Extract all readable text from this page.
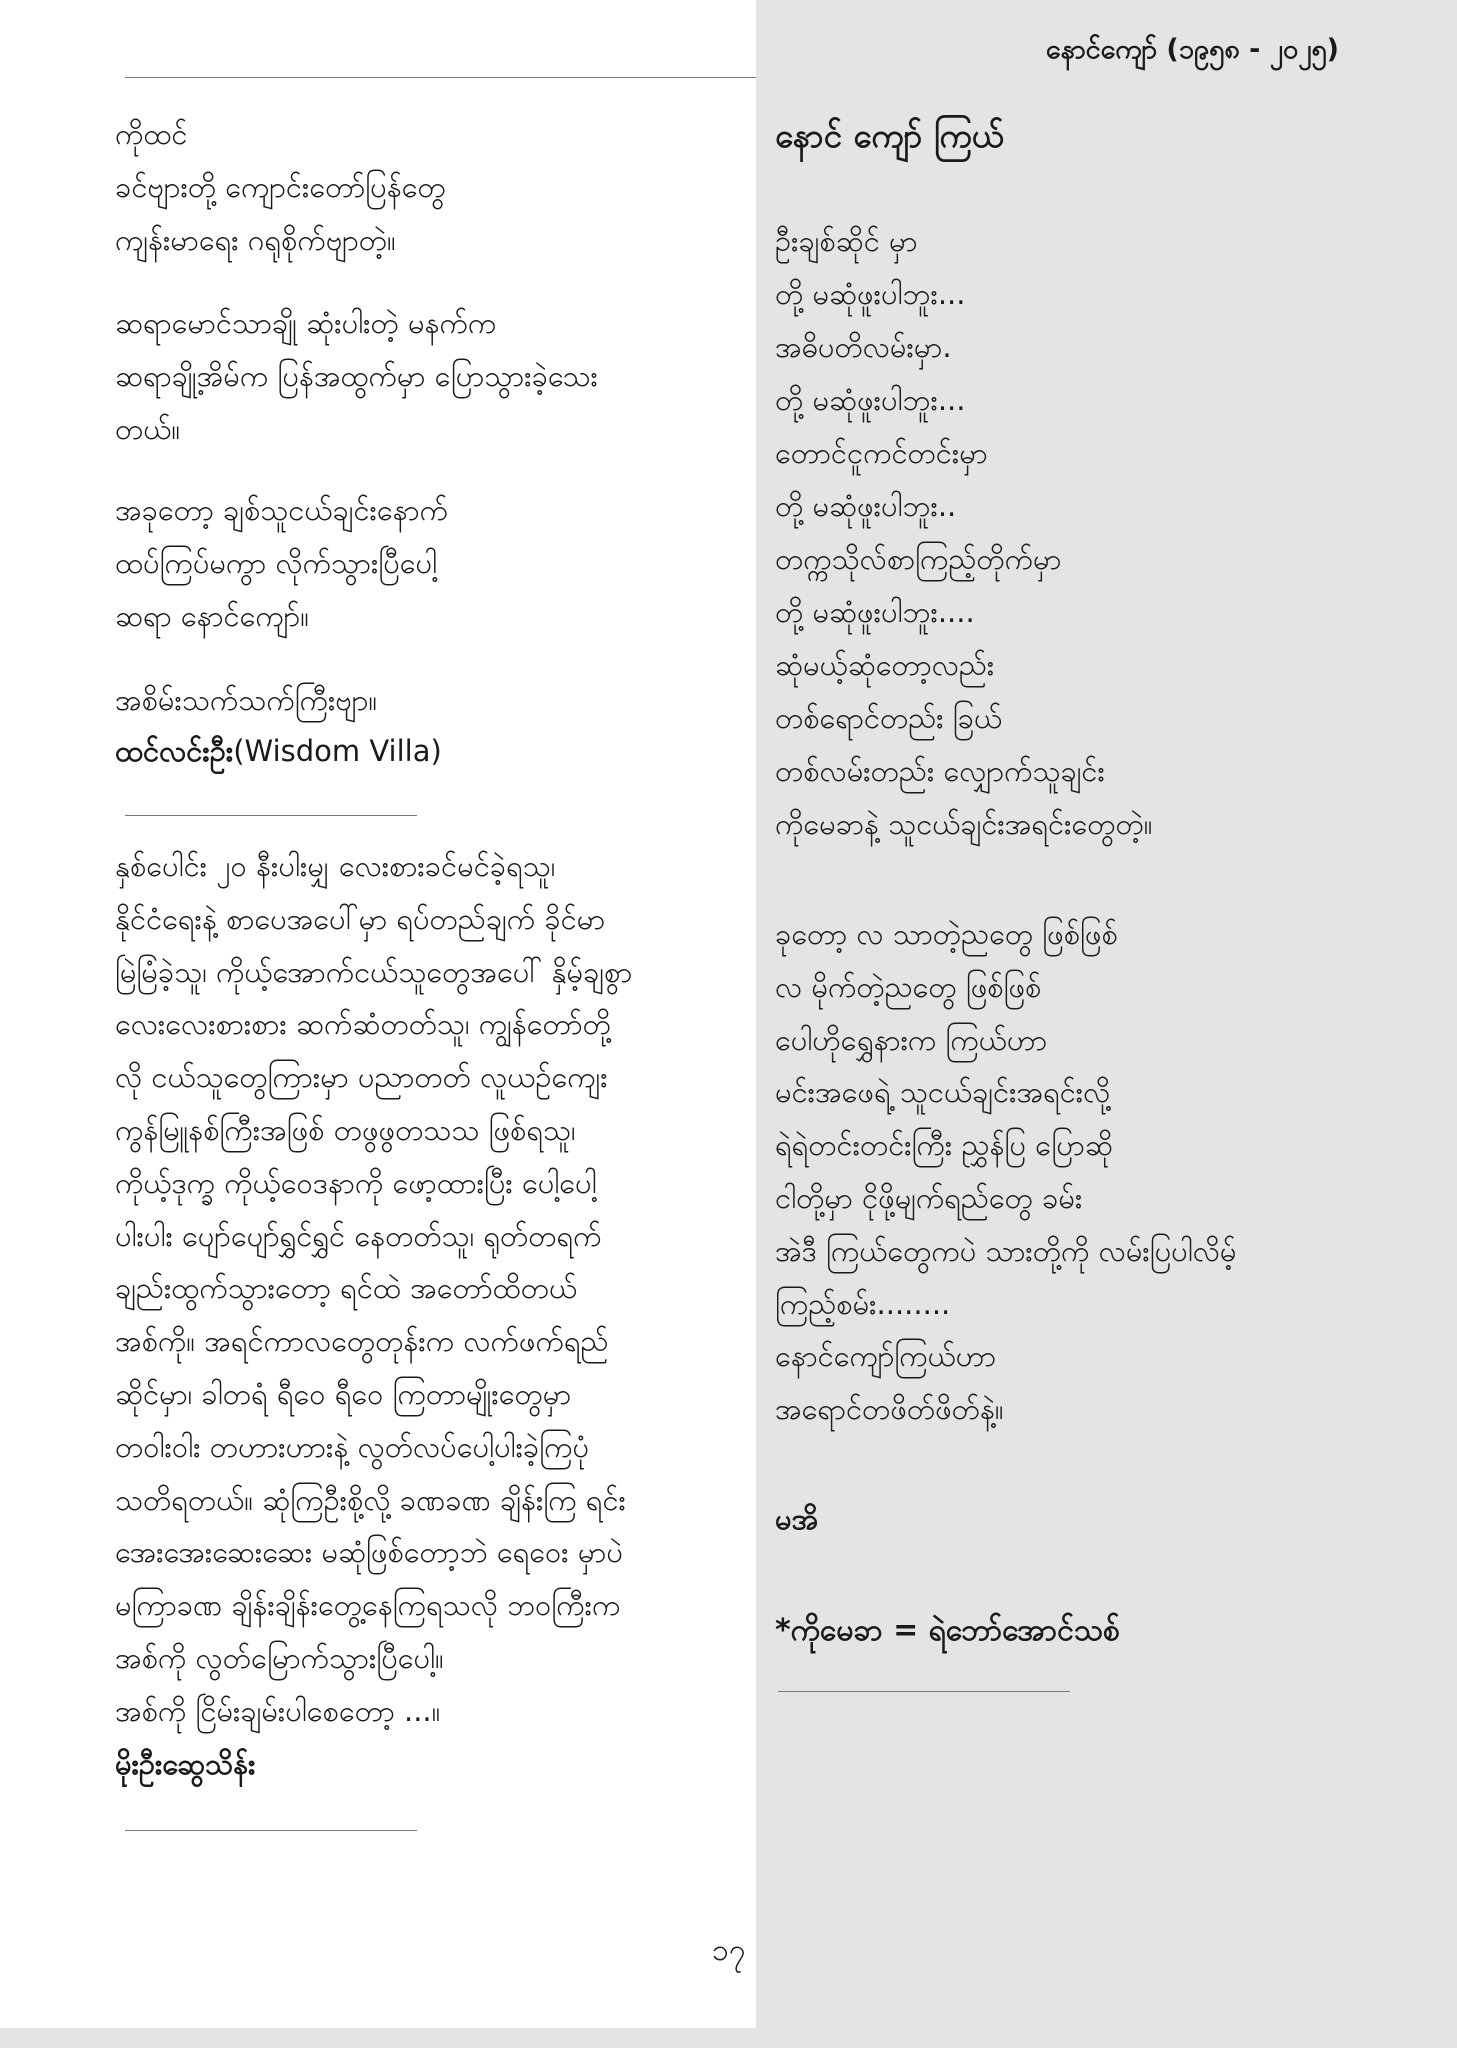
နောင်ကျော် (၁၉၅၈ - ၂၀၂၅)
ကိုထင်
ခင်ဗျားတို့ ကျောင်းတော်ပြန်တွေ
ကျန်းမာရေး ဂရုစိုက်ဗျာတဲ့။
ဆရာမောင်သာချို ဆုံးပါးတဲ့ မနက်က
ဆရာချို့အိမ်က ပြန်အထွက်မှာ ပြောသွားခဲ့သေး
တယ်။
အခုတော့ ချစ်သူငယ်ချင်းနောက်
ထပ်ကြပ်မကွာ လိုက်သွားပြီပေါ့
ဆရာ နောင်ကျော်။
အစိမ်းသက်သက်ကြီးဗျာ။
ထင်လင်းဦး(Wisdom Villa)
နှစ်ပေါင်း ၂၀ နီးပါးမျှ လေးစားခင်မင်ခဲ့ရသူ၊
နိုင်ငံရေးနဲ့ စာပေအပေါ်မှာ ရပ်တည်ချက် ခိုင်မာ
မြဲမြံခဲ့သူ၊ ကိုယ့်အောက်ငယ်သူတွေအပေါ် နှိမ့်ချစွာ
လေးလေးစားစား ဆက်ဆံတတ်သူ၊ ကျွန်တော်တို့
လို ငယ်သူတွေကြားမှာ ပညာတတ် လူယဉ်ကျေး
ကွန်မြူနစ်ကြီးအဖြစ် တဖွဖွတသသ ဖြစ်ရသူ၊
ကိုယ့်ဒုက္ခ ကိုယ့်ဝေဒနာကို ဖော့ထားပြီး ပေါ့ပေါ့
ပါးပါး ပျော်ပျော်ရွှင်ရွှင် နေတတ်သူ၊ ရုတ်တရက်
ချည်းထွက်သွားတော့ ရင်ထဲ အတော်ထိတယ်
အစ်ကို။ အရင်ကာလတွေတုန်းက လက်ဖက်ရည်
ဆိုင်မှာ၊ ခါတရံ ရီဝေ ရီဝေ ကြတာမျိုးတွေမှာ
တဝါးဝါး တဟားဟားနဲ့ လွတ်လပ်ပေါ့ပါးခဲ့ကြပုံ
သတိရတယ်။ ဆုံကြဦးစို့လို့ ခဏခဏ ချိန်းကြ ရင်း
အေးအေးဆေးဆေး မဆုံဖြစ်တော့ဘဲ ရေဝေး မှာပဲ
မကြာခဏ ချိန်းချိန်းတွေ့နေကြရသလို ဘဝကြီးက
အစ်ကို လွတ်မြောက်သွားပြီပေါ့။
အစ်ကို ငြိမ်းချမ်းပါစေတော့ ...။
မိုးဦးဆွေသိန်း
နောင် ကျော် ကြယ်
ဦးချစ်ဆိုင် မှာ
တို့ မဆုံဖူးပါဘူး...
အဓိပတိလမ်းမှာ.
တို့ မဆုံဖူးပါဘူး...
တောင်ငူကင်တင်းမှာ
တို့ မဆုံဖူးပါဘူး..
တက္ကသိုလ်စာကြည့်တိုက်မှာ
တို့ မဆုံဖူးပါဘူး....
ဆုံမယ့်ဆုံတော့လည်း
တစ်ရောင်တည်း ခြယ်
တစ်လမ်းတည်း လျှောက်သူချင်း
ကိုမေခာနဲ့ သူငယ်ချင်းအရင်းတွေတဲ့။
ခုတော့ လ သာတဲ့ညတွေ ဖြစ်ဖြစ်
လ မိုက်တဲ့ညတွေ ဖြစ်ဖြစ်
ပေါဟိုရွှေနားက ကြယ်ဟာ
မင်းအဖေရဲ့ သူငယ်ချင်းအရင်းလို့
ရဲရဲတင်းတင်းကြီး ညွှန်ပြ ပြောဆို
ငါတို့မှာ ငိုဖို့မျက်ရည်တွေ ခမ်း
အဲဒီ ကြယ်တွေကပဲ သားတို့ကို လမ်းပြပါလိမ့်
ကြည့်စမ်း........
နောင်ကျော်ကြယ်ဟာ
အရောင်တဖိတ်ဖိတ်နဲ့။
မအိ
*ကိုမေခာ = ရဲဘော်အောင်သစ်
၁၇
